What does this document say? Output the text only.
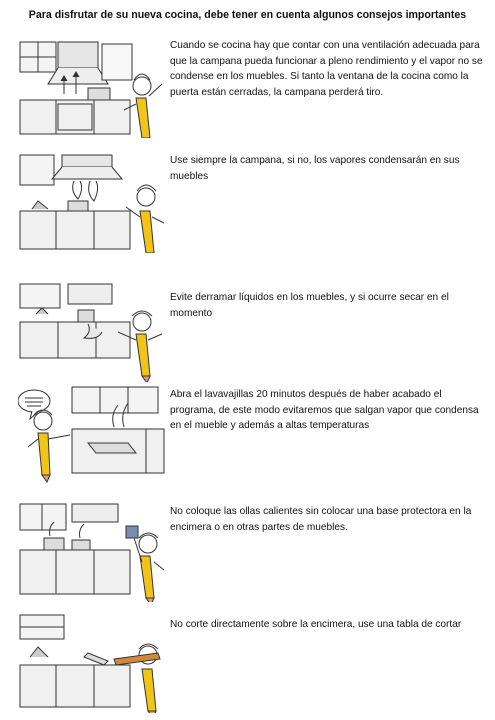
Para disfrutar de su nueva cocina, debe tener en cuenta algunos consejos importantes
Cuando se cocina hay que contar con una ventilación adecuada para que la campana pueda funcionar a pleno rendimiento y el vapor no se condense en los muebles. Si tanto la ventana de la cocina como la puerta están cerradas, la campana perderá tiro.
Use siempre la campana, si no, los vapores condensarán en sus muebles
Evite derramar líquidos en los muebles, y si ocurre secar en el momento
Abra el lavavajillas 20 minutos después de haber acabado el programa, de este modo evitaremos que salgan vapor que condensa en el mueble y además a altas temperaturas
No coloque las ollas calientes sin colocar una base protectora en la encimera o en otras partes de muebles.
No corte directamente sobre la encimera, use una tabla de cortar
